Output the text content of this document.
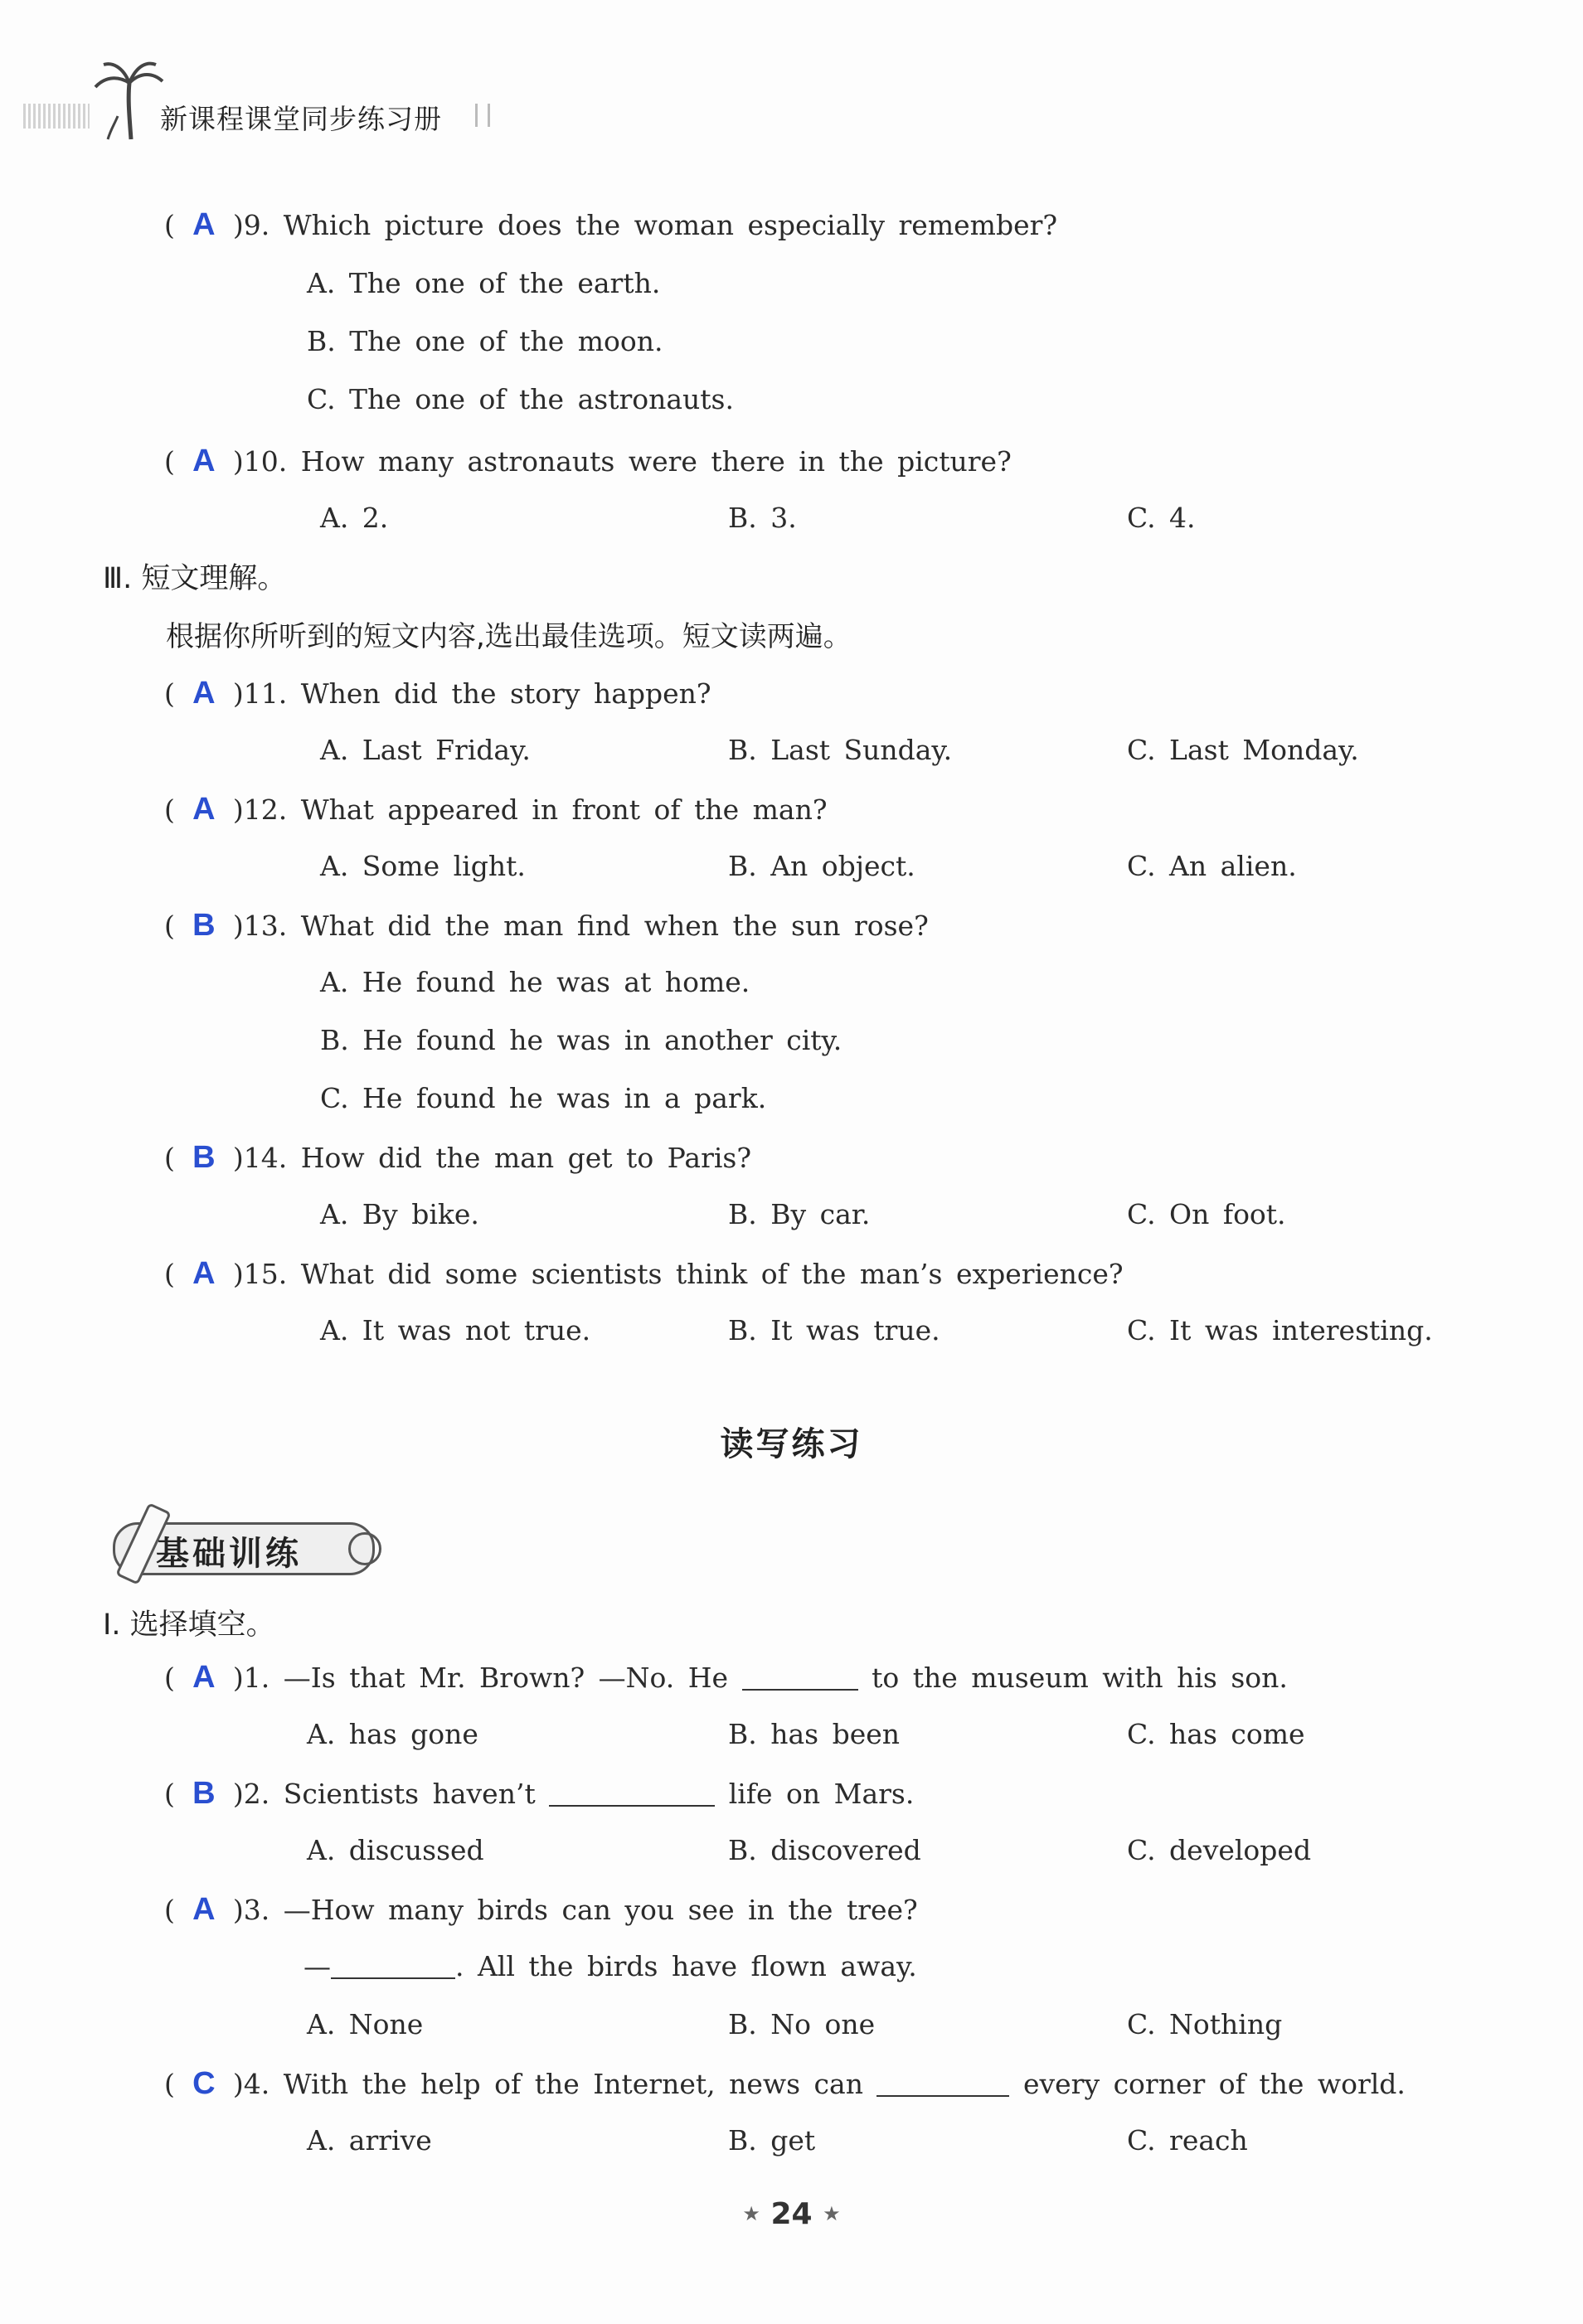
新课程课堂同步练习册
( A )9. Which picture does the woman especially remember?
A. The one of the earth.
B. The one of the moon.
C. The one of the astronauts.
( A )10. How many astronauts were there in the picture?
A. 2.	B. 3.	C. 4.
Ⅲ. 短文理解。
根据你所听到的短文内容,选出最佳选项。短文读两遍。
( A )11. When did the story happen?
A. Last Friday.	B. Last Sunday.	C. Last Monday.
( A )12. What appeared in front of the man?
A. Some light.	B. An object.	C. An alien.
( B )13. What did the man find when the sun rose?
A. He found he was at home.
B. He found he was in another city.
C. He found he was in a park.
( B )14. How did the man get to Paris?
A. By bike.	B. By car.	C. On foot.
( A )15. What did some scientists think of the man’s experience?
A. It was not true.	B. It was true.	C. It was interesting.
读写练习
基础训练
Ⅰ. 选择填空。
( A )1. —Is that Mr. Brown? —No. He	to the museum with his son.
A. has gone	B. has been	C. has come
( B )2. Scientists haven’t	life on Mars.
A. discussed	B. discovered	C. developed
( A )3. —How many birds can you see in the tree?
—	. All the birds have flown away.
A. None	B. No one	C. Nothing
( C )4. With the help of the Internet, news can	every corner of the world.
A. arrive	B. get	C. reach
★ 24 ★
